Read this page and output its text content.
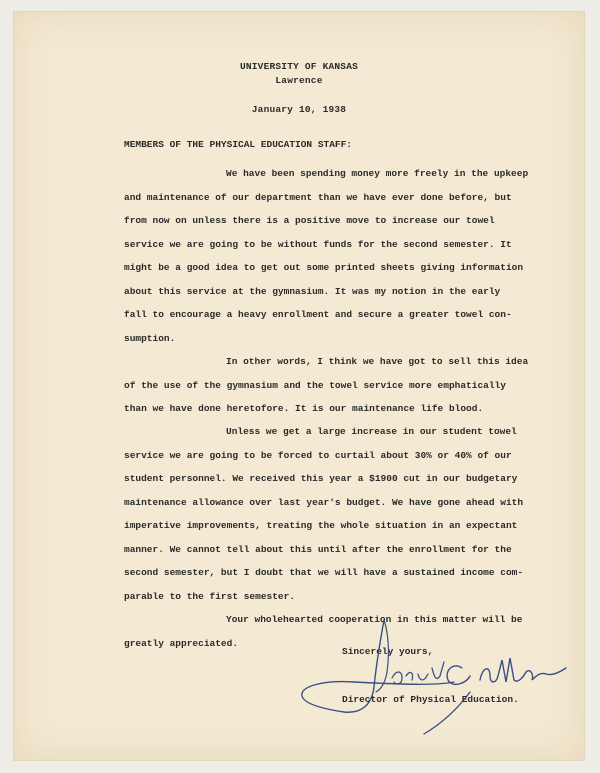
UNIVERSITY OF KANSAS
Lawrence
January 10, 1938
MEMBERS OF THE PHYSICAL EDUCATION STAFF:
We have been spending money more freely in the upkeep
and maintenance of our department than we have ever done before, but
from now on unless there is a positive move to increase our towel
service we are going to be without funds for the second semester. It
might be a good idea to get out some printed sheets giving information
about this service at the gymnasium. It was my notion in the early
fall to encourage a heavy enrollment and secure a greater towel con-
sumption.
In other words, I think we have got to sell this idea
of the use of the gymnasium and the towel service more emphatically
than we have done heretofore. It is our maintenance life blood.
Unless we get a large increase in our student towel
service we are going to be forced to curtail about 30% or 40% of our
student personnel. We received this year a $1900 cut in our budgetary
maintenance allowance over last year's budget. We have gone ahead with
imperative improvements, treating the whole situation in an expectant
manner. We cannot tell about this until after the enrollment for the
second semester, but I doubt that we will have a sustained income com-
parable to the first semester.
Your wholehearted cooperation in this matter will be
greatly appreciated.
Sincerely yours,
Director of Physical Education.
